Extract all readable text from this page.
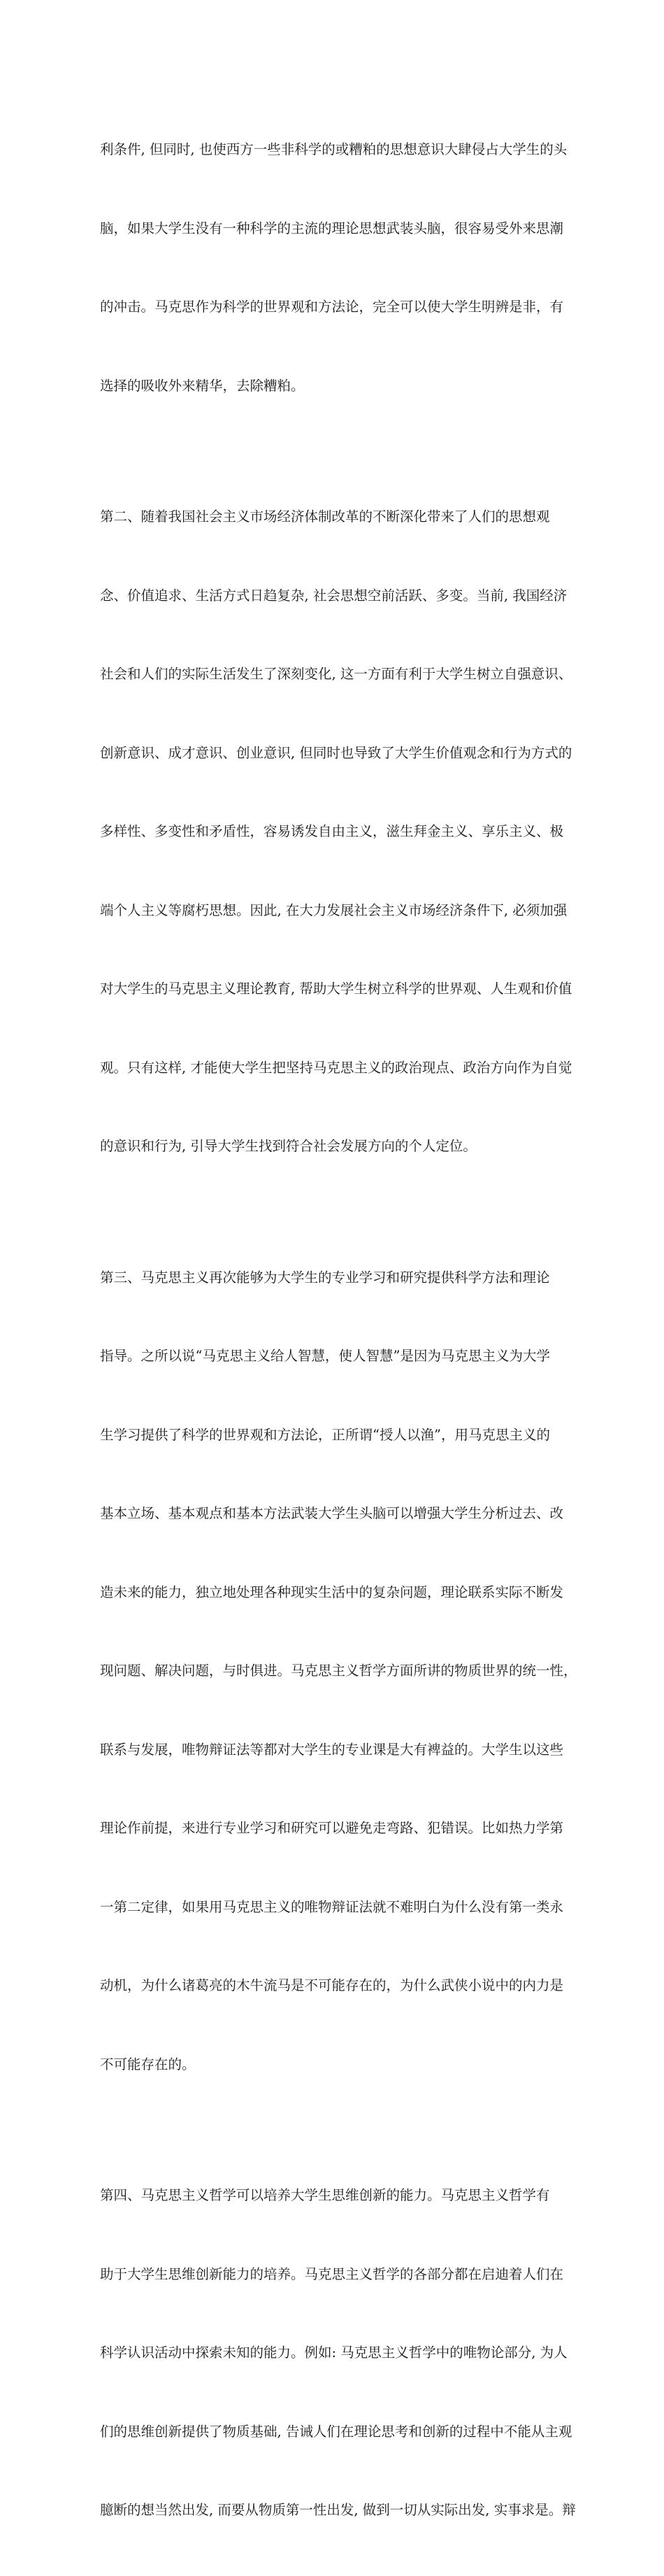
利条件, 但同时, 也使西方一些非科学的或糟粕的思想意识大肆侵占大学生的头

脑，如果大学生没有一种科学的主流的理论思想武装头脑，很容易受外来思潮

的冲击。马克思作为科学的世界观和方法论，完全可以使大学生明辨是非，有

选择的吸收外来精华，去除糟粕。

第二、随着我国社会主义市场经济体制改革的不断深化带来了人们的思想观

念、价值追求、生活方式日趋复杂, 社会思想空前活跃、多变。当前, 我国经济

社会和人们的实际生活发生了深刻变化, 这一方面有利于大学生树立自强意识、

创新意识、成才意识、创业意识, 但同时也导致了大学生价值观念和行为方式的

多样性、多变性和矛盾性，容易诱发自由主义，滋生拜金主义、享乐主义、极

端个人主义等腐朽思想。因此, 在大力发展社会主义市场经济条件下, 必须加强

对大学生的马克思主义理论教育, 帮助大学生树立科学的世界观、人生观和价值

观。只有这样, 才能使大学生把坚持马克思主义的政治现点、政治方向作为自觉

的意识和行为, 引导大学生找到符合社会发展方向的个人定位。

第三、马克思主义再次能够为大学生的专业学习和研究提供科学方法和理论

指导。之所以说“马克思主义给人智慧，使人智慧”是因为马克思主义为大学

生学习提供了科学的世界观和方法论，正所谓“授人以渔”，用马克思主义的

基本立场、基本观点和基本方法武装大学生头脑可以增强大学生分析过去、改

造未来的能力，独立地处理各种现实生活中的复杂问题，理论联系实际不断发

现问题、解决问题，与时俱进。马克思主义哲学方面所讲的物质世界的统一性，

联系与发展，唯物辩证法等都对大学生的专业课是大有裨益的。大学生以这些

理论作前提，来进行专业学习和研究可以避免走弯路、犯错误。比如热力学第

一第二定律，如果用马克思主义的唯物辩证法就不难明白为什么没有第一类永

动机，为什么诸葛亮的木牛流马是不可能存在的，为什么武侠小说中的内力是

不可能存在的。

第四、马克思主义哲学可以培养大学生思维创新的能力。马克思主义哲学有

助于大学生思维创新能力的培养。马克思主义哲学的各部分都在启迪着人们在

科学认识活动中探索未知的能力。例如: 马克思主义哲学中的唯物论部分, 为人

们的思维创新提供了物质基础, 告诫人们在理论思考和创新的过程中不能从主观

臆断的想当然出发, 而要从物质第一性出发, 做到一切从实际出发, 实事求是。辩
